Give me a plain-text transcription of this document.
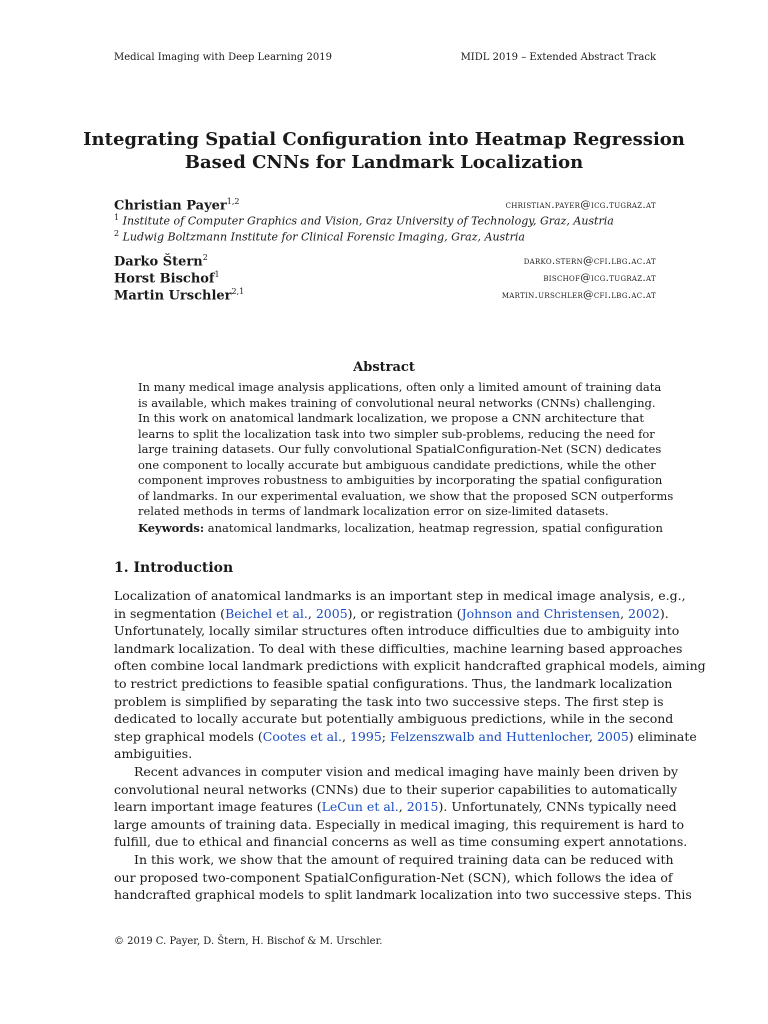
Medical Imaging with Deep Learning 2019	MIDL 2019 – Extended Abstract Track
Integrating Spatial Configuration into Heatmap Regression
Based CNNs for Landmark Localization
Christian Payer$^{1,2}$	christian.payer@icg.tugraz.at
$^1$ Institute of Computer Graphics and Vision, Graz University of Technology, Graz, Austria
$^2$ Ludwig Boltzmann Institute for Clinical Forensic Imaging, Graz, Austria
Darko Štern$^2$	darko.stern@cfi.lbg.ac.at
Horst Bischof$^1$	bischof@icg.tugraz.at
Martin Urschler$^{2,1}$	martin.urschler@cfi.lbg.ac.at
Abstract
In many medical image analysis applications, often only a limited amount of training data
is available, which makes training of convolutional neural networks (CNNs) challenging.
In this work on anatomical landmark localization, we propose a CNN architecture that
learns to split the localization task into two simpler sub-problems, reducing the need for
large training datasets. Our fully convolutional SpatialConfiguration-Net (SCN) dedicates
one component to locally accurate but ambiguous candidate predictions, while the other
component improves robustness to ambiguities by incorporating the spatial configuration
of landmarks. In our experimental evaluation, we show that the proposed SCN outperforms
related methods in terms of landmark localization error on size-limited datasets.
Keywords: anatomical landmarks, localization, heatmap regression, spatial configuration
1. Introduction
Localization of anatomical landmarks is an important step in medical image analysis, e.g.,
in segmentation (Beichel et al., 2005), or registration (Johnson and Christensen, 2002).
Unfortunately, locally similar structures often introduce difficulties due to ambiguity into
landmark localization. To deal with these difficulties, machine learning based approaches
often combine local landmark predictions with explicit handcrafted graphical models, aiming
to restrict predictions to feasible spatial configurations. Thus, the landmark localization
problem is simplified by separating the task into two successive steps. The first step is
dedicated to locally accurate but potentially ambiguous predictions, while in the second
step graphical models (Cootes et al., 1995; Felzenszwalb and Huttenlocher, 2005) eliminate
ambiguities.
Recent advances in computer vision and medical imaging have mainly been driven by
convolutional neural networks (CNNs) due to their superior capabilities to automatically
learn important image features (LeCun et al., 2015). Unfortunately, CNNs typically need
large amounts of training data. Especially in medical imaging, this requirement is hard to
fulfill, due to ethical and financial concerns as well as time consuming expert annotations.
In this work, we show that the amount of required training data can be reduced with
our proposed two-component SpatialConfiguration-Net (SCN), which follows the idea of
handcrafted graphical models to split landmark localization into two successive steps. This
© 2019 C. Payer, D. Štern, H. Bischof & M. Urschler.
